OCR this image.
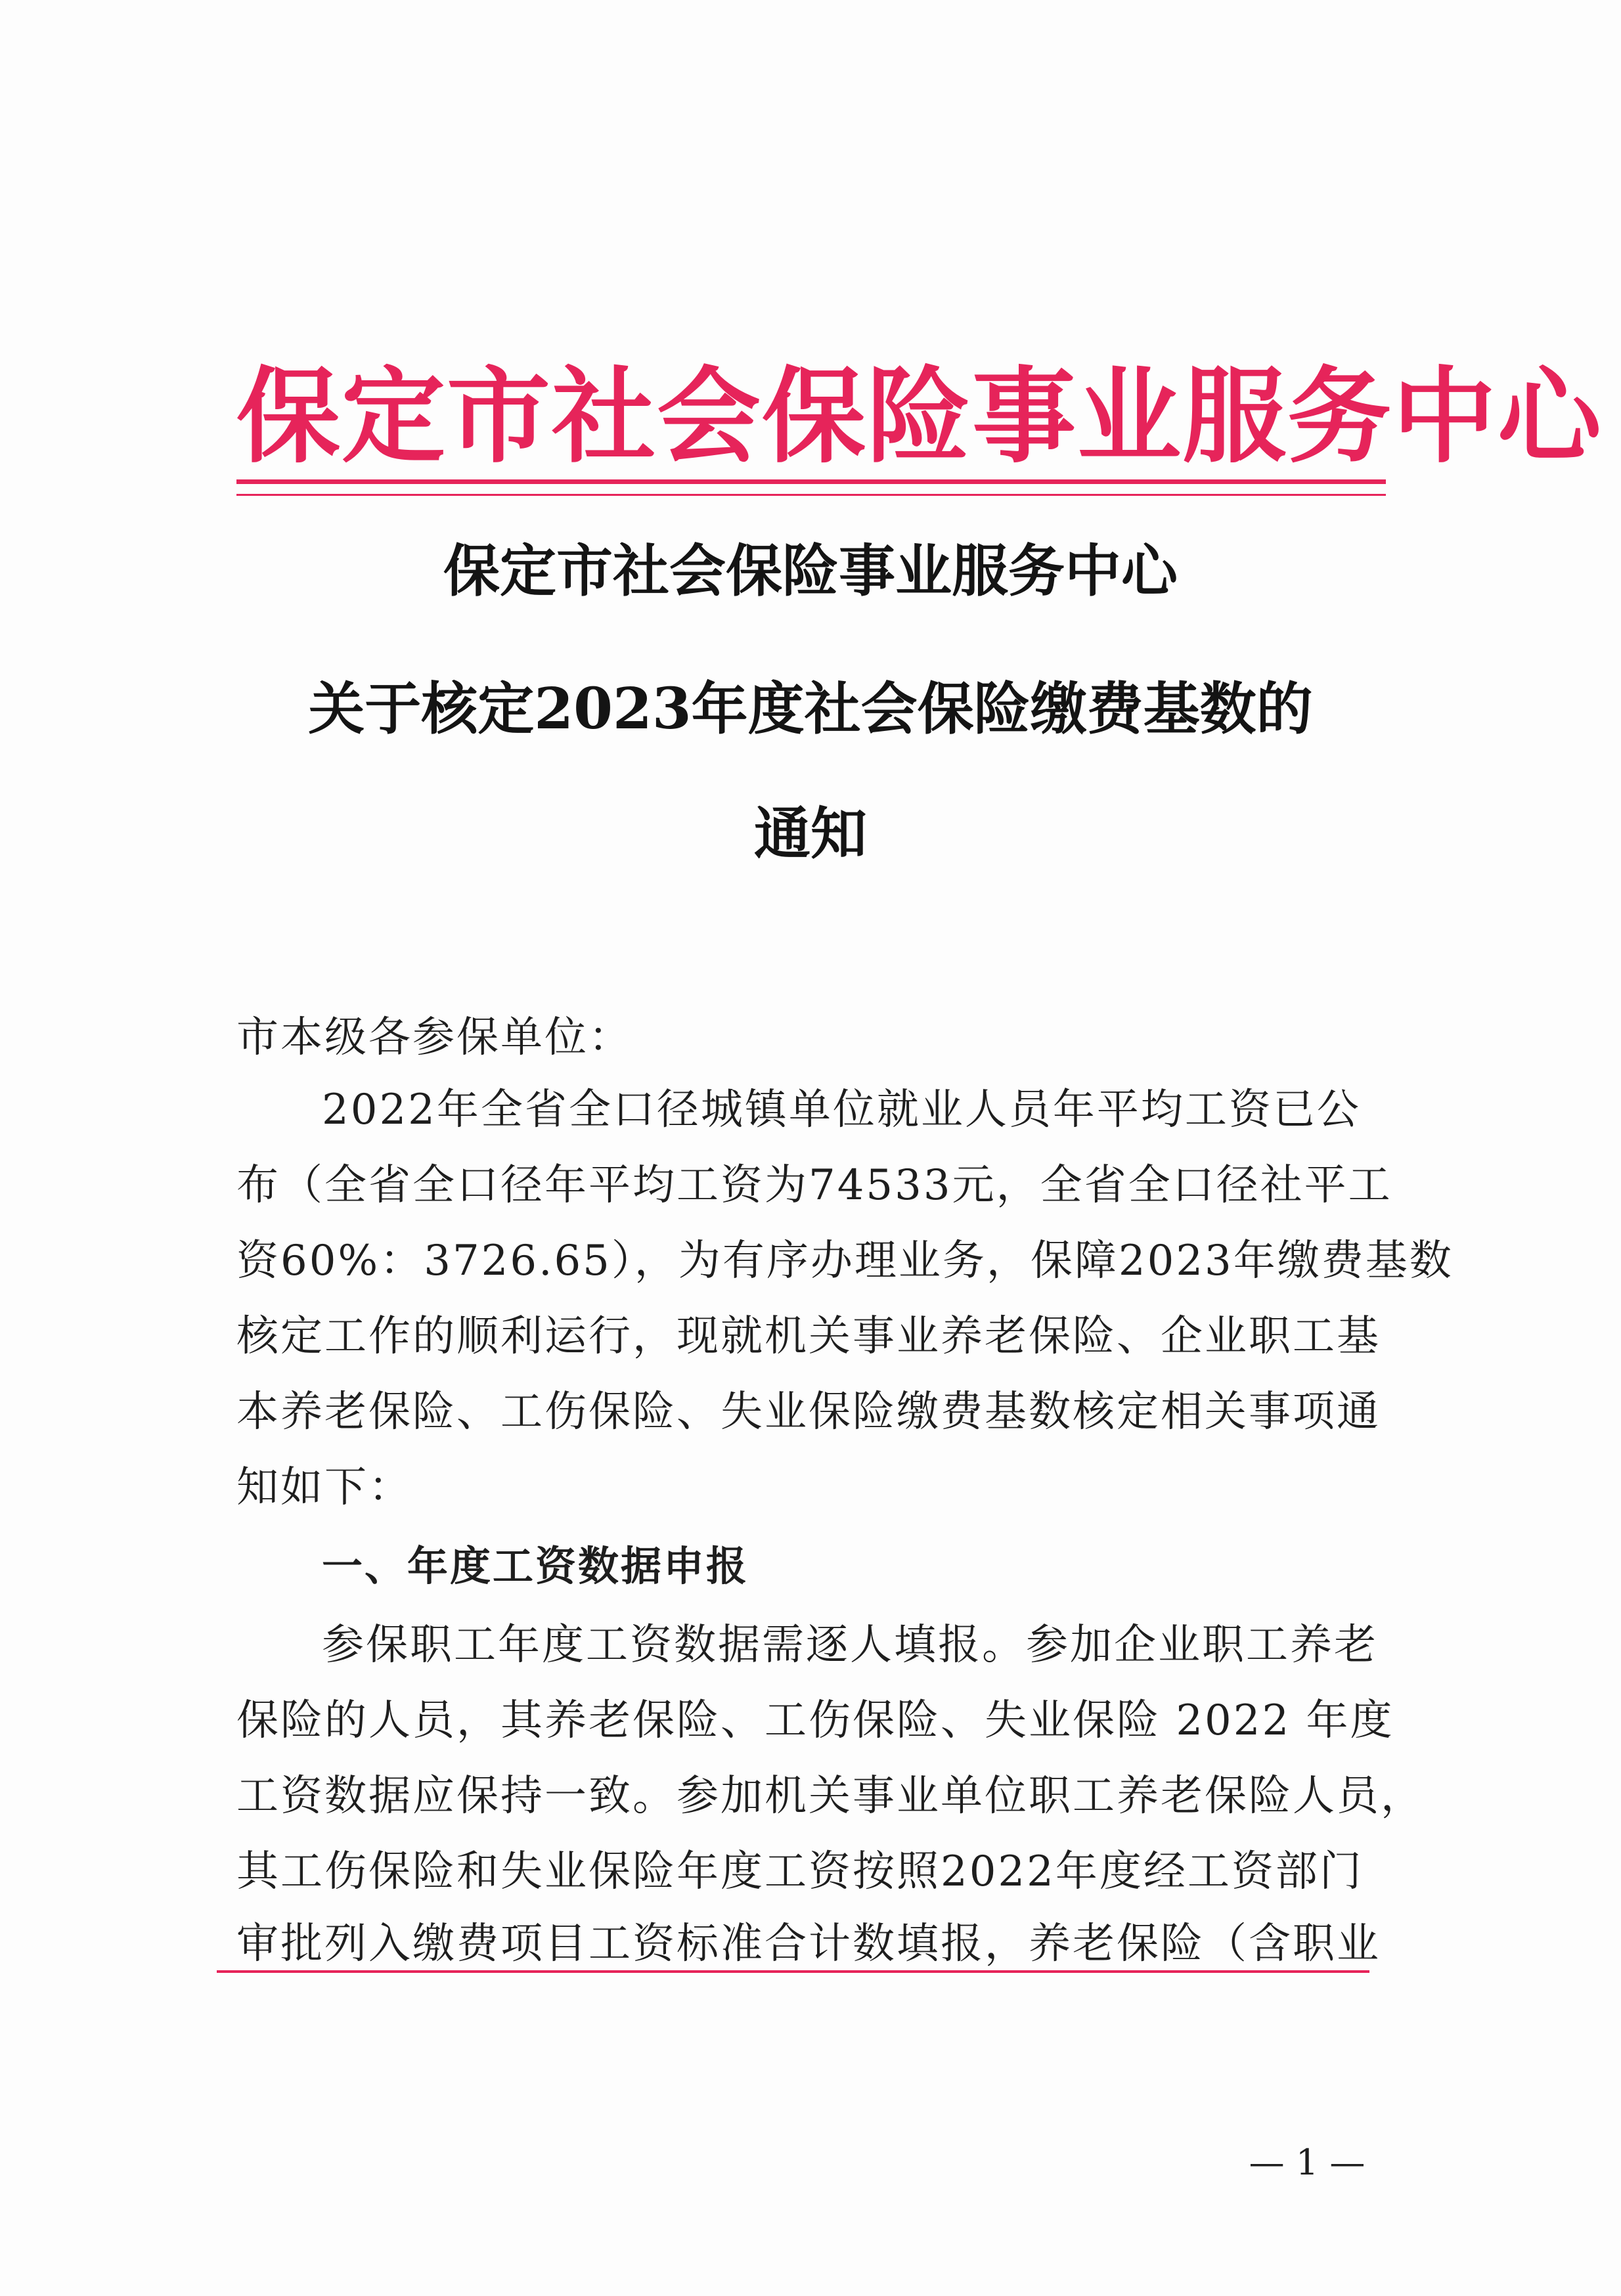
保定市社会保险事业服务中心
保定市社会保险事业服务中心
关于核定2023年度社会保险缴费基数的
通知
市本级各参保单位：
2022年全省全口径城镇单位就业人员年平均工资已公
布（全省全口径年平均工资为74533元，全省全口径社平工
资60%：3726.65），为有序办理业务，保障2023年缴费基数
核定工作的顺利运行，现就机关事业养老保险、企业职工基
本养老保险、工伤保险、失业保险缴费基数核定相关事项通
知如下：
一、年度工资数据申报
参保职工年度工资数据需逐人填报。参加企业职工养老
保险的人员，其养老保险、工伤保险、失业保险 2022 年度
工资数据应保持一致。参加机关事业单位职工养老保险人员，
其工伤保险和失业保险年度工资按照2022年度经工资部门
审批列入缴费项目工资标准合计数填报，养老保险（含职业
— 1 —
